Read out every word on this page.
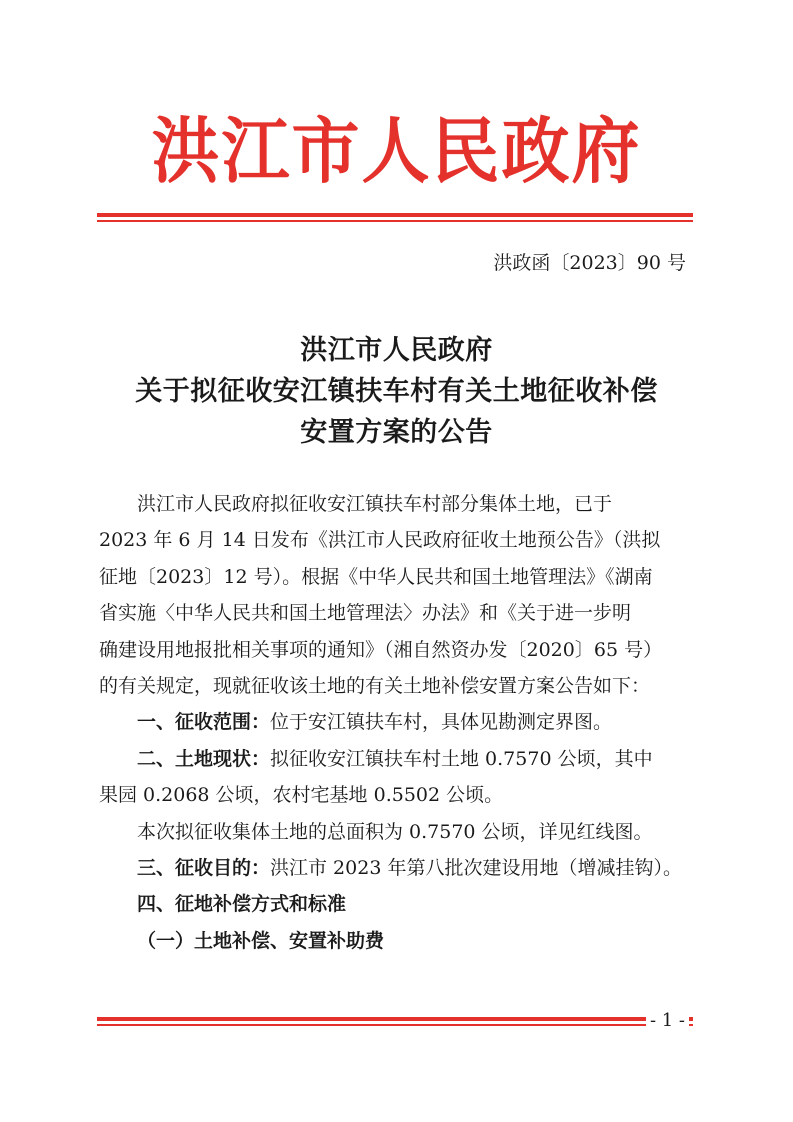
洪江市人民政府
洪政函〔2023〕90 号
洪江市人民政府
关于拟征收安江镇扶车村有关土地征收补偿
安置方案的公告
洪江市人民政府拟征收安江镇扶车村部分集体土地，已于
2023 年 6 月 14 日发布《洪江市人民政府征收土地预公告》（洪拟
征地〔2023〕12 号）。根据《中华人民共和国土地管理法》《湖南
省实施〈中华人民共和国土地管理法〉办法》和《关于进一步明
确建设用地报批相关事项的通知》（湘自然资办发〔2020〕65 号）
的有关规定，现就征收该土地的有关土地补偿安置方案公告如下：
一、征收范围：位于安江镇扶车村，具体见勘测定界图。
二、土地现状：拟征收安江镇扶车村土地 0.7570 公顷，其中
果园 0.2068 公顷，农村宅基地 0.5502 公顷。
本次拟征收集体土地的总面积为 0.7570 公顷，详见红线图。
三、征收目的：洪江市 2023 年第八批次建设用地（增减挂钩）。
四、征地补偿方式和标准
（一）土地补偿、安置补助费
- 1 -
